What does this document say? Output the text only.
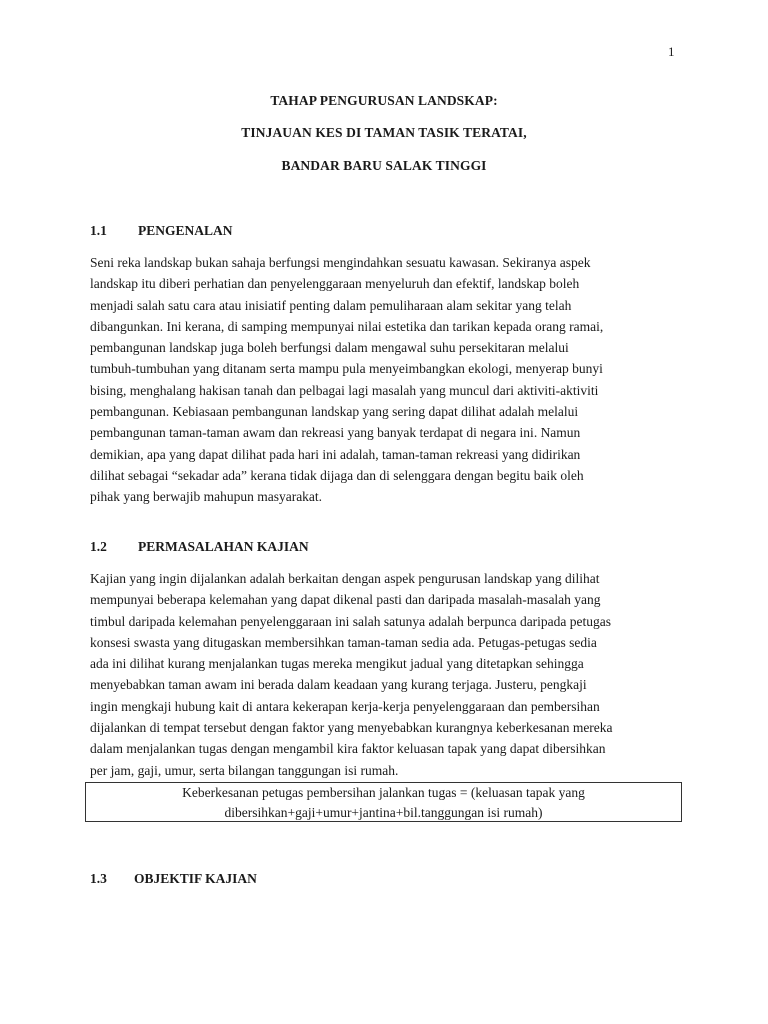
1
TAHAP PENGURUSAN LANDSKAP:
TINJAUAN KES DI TAMAN TASIK TERATAI,
BANDAR BARU SALAK TINGGI
1.1 PENGENALAN
Seni reka landskap bukan sahaja berfungsi mengindahkan sesuatu kawasan. Sekiranya aspek
landskap itu diberi perhatian dan penyelenggaraan menyeluruh dan efektif, landskap boleh
menjadi salah satu cara atau inisiatif penting dalam pemuliharaan alam sekitar yang telah
dibangunkan. Ini kerana, di samping mempunyai nilai estetika dan tarikan kepada orang ramai,
pembangunan landskap juga boleh berfungsi dalam mengawal suhu persekitaran melalui
tumbuh-tumbuhan yang ditanam serta mampu pula menyeimbangkan ekologi, menyerap bunyi
bising, menghalang hakisan tanah dan pelbagai lagi masalah yang muncul dari aktiviti-aktiviti
pembangunan. Kebiasaan pembangunan landskap yang sering dapat dilihat adalah melalui
pembangunan taman-taman awam dan rekreasi yang banyak terdapat di negara ini. Namun
demikian, apa yang dapat dilihat pada hari ini adalah, taman-taman rekreasi yang didirikan
dilihat sebagai “sekadar ada” kerana tidak dijaga dan di selenggara dengan begitu baik oleh
pihak yang berwajib mahupun masyarakat.
1.2 PERMASALAHAN KAJIAN
Kajian yang ingin dijalankan adalah berkaitan dengan aspek pengurusan landskap yang dilihat
mempunyai beberapa kelemahan yang dapat dikenal pasti dan daripada masalah-masalah yang
timbul daripada kelemahan penyelenggaraan ini salah satunya adalah berpunca daripada petugas
konsesi swasta yang ditugaskan membersihkan taman-taman sedia ada. Petugas-petugas sedia
ada ini dilihat kurang menjalankan tugas mereka mengikut jadual yang ditetapkan sehingga
menyebabkan taman awam ini berada dalam keadaan yang kurang terjaga. Justeru, pengkaji
ingin mengkaji hubung kait di antara kekerapan kerja-kerja penyelenggaraan dan pembersihan
dijalankan di tempat tersebut dengan faktor yang menyebabkan kurangnya keberkesanan mereka
dalam menjalankan tugas dengan mengambil kira faktor keluasan tapak yang dapat dibersihkan
per jam, gaji, umur, serta bilangan tanggungan isi rumah.
Keberkesanan petugas pembersihan jalankan tugas = (keluasan tapak yang
dibersihkan+gaji+umur+jantina+bil.tanggungan isi rumah)
1.3 OBJEKTIF KAJIAN
